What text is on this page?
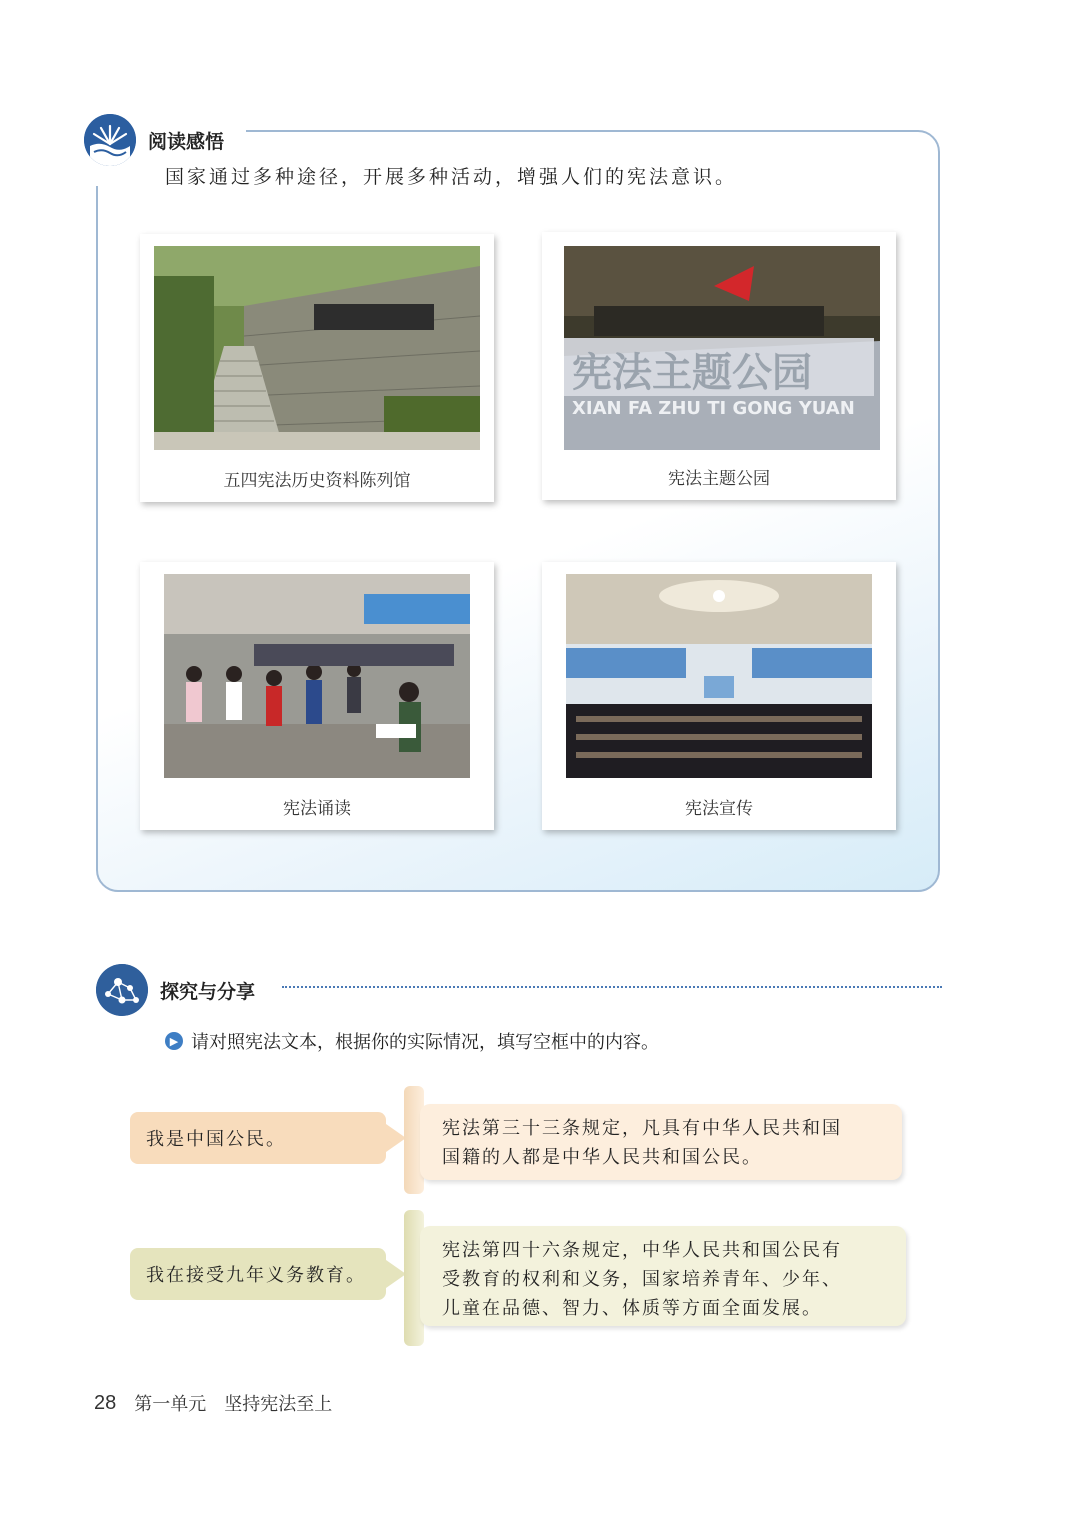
阅读感悟
国家通过多种途径，开展多种活动，增强人们的宪法意识。
五四宪法历史资料陈列馆
宪法主题公园
XIAN FA ZHU TI GONG YUAN
宪法主题公园
宪法诵读	宪法宣传
探究与分享
▶ 请对照宪法文本，根据你的实际情况，填写空框中的内容。
我是中国公民。
宪法第三十三条规定，凡具有中华人民共和国
国籍的人都是中华人民共和国公民。
我在接受九年义务教育。
宪法第四十六条规定，中华人民共和国公民有
受教育的权利和义务，国家培养青年、少年、
儿童在品德、智力、体质等方面全面发展。
28 第一单元　坚持宪法至上
